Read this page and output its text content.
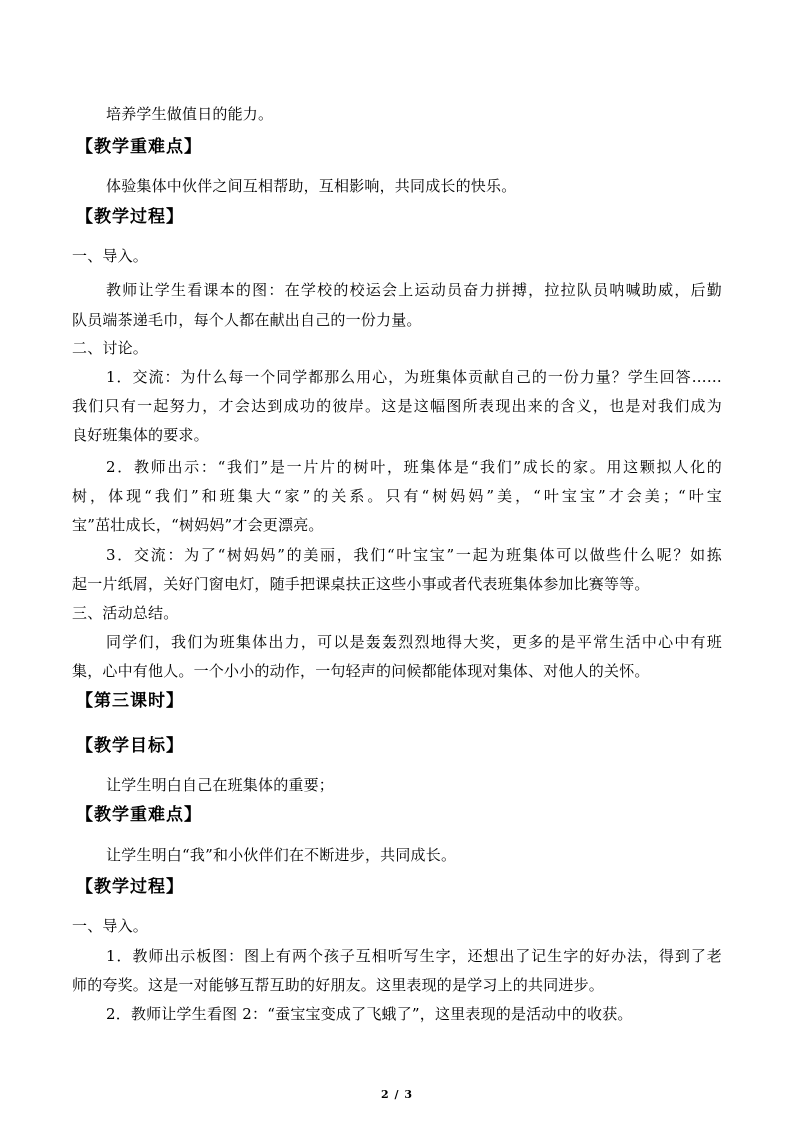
培养学生做值日的能力。
【教学重难点】
体验集体中伙伴之间互相帮助，互相影响，共同成长的快乐。
【教学过程】
一、导入。
教师让学生看课本的图：在学校的校运会上运动员奋力拼搏，拉拉队员呐喊助威，后勤
队员端茶递毛巾，每个人都在献出自己的一份力量。
二、讨论。
1．交流：为什么每一个同学都那么用心，为班集体贡献自己的一份力量？学生回答……
我们只有一起努力，才会达到成功的彼岸。这是这幅图所表现出来的含义，也是对我们成为
良好班集体的要求。
2．教师出示：“我们”是一片片的树叶，班集体是“我们”成长的家。用这颗拟人化的
树，体现“我们”和班集大“家”的关系。只有“树妈妈”美，“叶宝宝”才会美；“叶宝
宝”茁壮成长，“树妈妈”才会更漂亮。
3．交流：为了“树妈妈”的美丽，我们“叶宝宝”一起为班集体可以做些什么呢？如拣
起一片纸屑，关好门窗电灯，随手把课桌扶正这些小事或者代表班集体参加比赛等等。
三、活动总结。
同学们，我们为班集体出力，可以是轰轰烈烈地得大奖，更多的是平常生活中心中有班
集，心中有他人。一个小小的动作，一句轻声的问候都能体现对集体、对他人的关怀。
【第三课时】
【教学目标】
让学生明白自己在班集体的重要；
【教学重难点】
让学生明白“我”和小伙伴们在不断进步，共同成长。
【教学过程】
一、导入。
1．教师出示板图：图上有两个孩子互相听写生字，还想出了记生字的好办法，得到了老
师的夸奖。这是一对能够互帮互助的好朋友。这里表现的是学习上的共同进步。
2．教师让学生看图 2：“蚕宝宝变成了飞蛾了”，这里表现的是活动中的收获。
2 / 3
